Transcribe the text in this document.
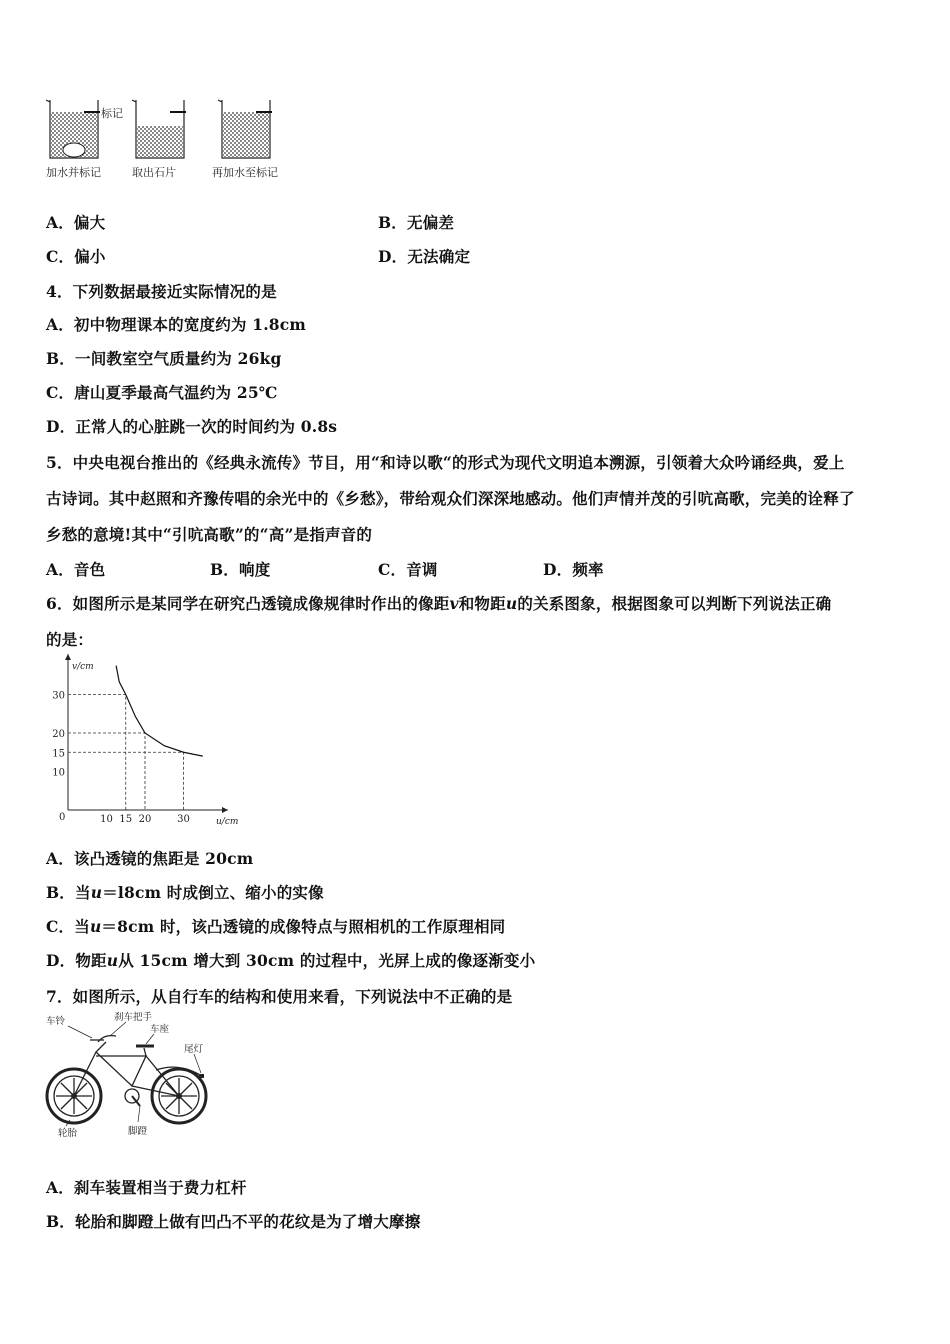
标记
加水并标记	取出石片	再加水至标记
A．偏大	B．无偏差
C．偏小	D．无法确定
4．下列数据最接近实际情况的是
A．初中物理课本的宽度约为 1.8cm
B．一间教室空气质量约为 26kg
C．唐山夏季最高气温约为 25℃
D．正常人的心脏跳一次的时间约为 0.8s
5．中央电视台推出的《经典永流传》节目，用“和诗以歌“的形式为现代文明追本溯源，引领着大众吟诵经典，爱上
古诗词。其中赵照和齐豫传唱的余光中的《乡愁》，带给观众们深深地感动。他们声情并茂的引吭高歌，完美的诠释了
乡愁的意境!其中“引吭高歌”的“高”是指声音的
A．音色	B．响度	C．音调	D．频率
6．如图所示是某同学在研究凸透镜成像规律时作出的像距v和物距u的关系图象，根据图象可以判断下列说法正确
的是：
10 15 20	30
10
15
20
30
v/cm
u/cm
0
A．该凸透镜的焦距是 20cm
B．当u＝l8cm 时成倒立、缩小的实像
C．当u＝8cm 时，该凸透镜的成像特点与照相机的工作原理相同
D．物距u从 15cm 增大到 30cm 的过程中，光屏上成的像逐渐变小
7．如图所示，从自行车的结构和使用来看，下列说法中不正确的是
车铃	刹车把手
车座
尾灯
轮胎	脚蹬
A．刹车装置相当于费力杠杆
B．轮胎和脚蹬上做有凹凸不平的花纹是为了增大摩擦
